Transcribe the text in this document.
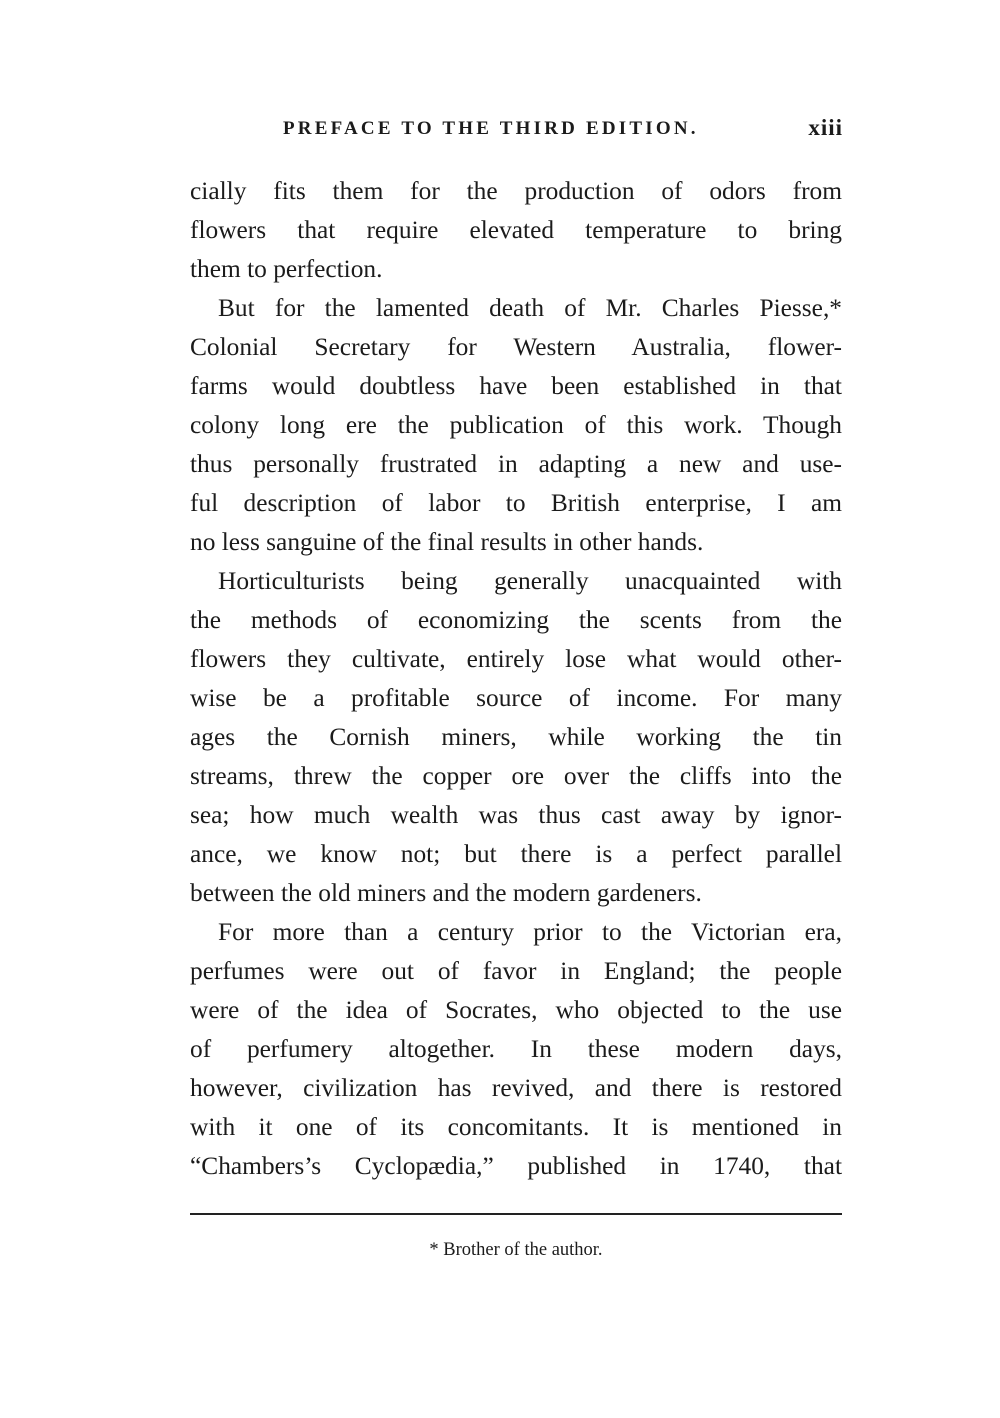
PREFACE TO THE THIRD EDITION.	xiii

cially fits them for the production of odors from

flowers that require elevated temperature to bring

them to perfection.

But for the lamented death of Mr. Charles Piesse,*

Colonial Secretary for Western Australia, flower-

farms would doubtless have been established in that

colony long ere the publication of this work. Though

thus personally frustrated in adapting a new and use-

ful description of labor to British enterprise, I am

no less sanguine of the final results in other hands.

Horticulturists being generally unacquainted with

the methods of economizing the scents from the

flowers they cultivate, entirely lose what would other-

wise be a profitable source of income. For many

ages the Cornish miners, while working the tin

streams, threw the copper ore over the cliffs into the

sea; how much wealth was thus cast away by ignor-

ance, we know not; but there is a perfect parallel

between the old miners and the modern gardeners.

For more than a century prior to the Victorian era,

perfumes were out of favor in England; the people

were of the idea of Socrates, who objected to the use

of perfumery altogether. In these modern days,

however, civilization has revived, and there is restored

with it one of its concomitants. It is mentioned in

“Chambers’s Cyclopædia,” published in 1740, that

* Brother of the author.
